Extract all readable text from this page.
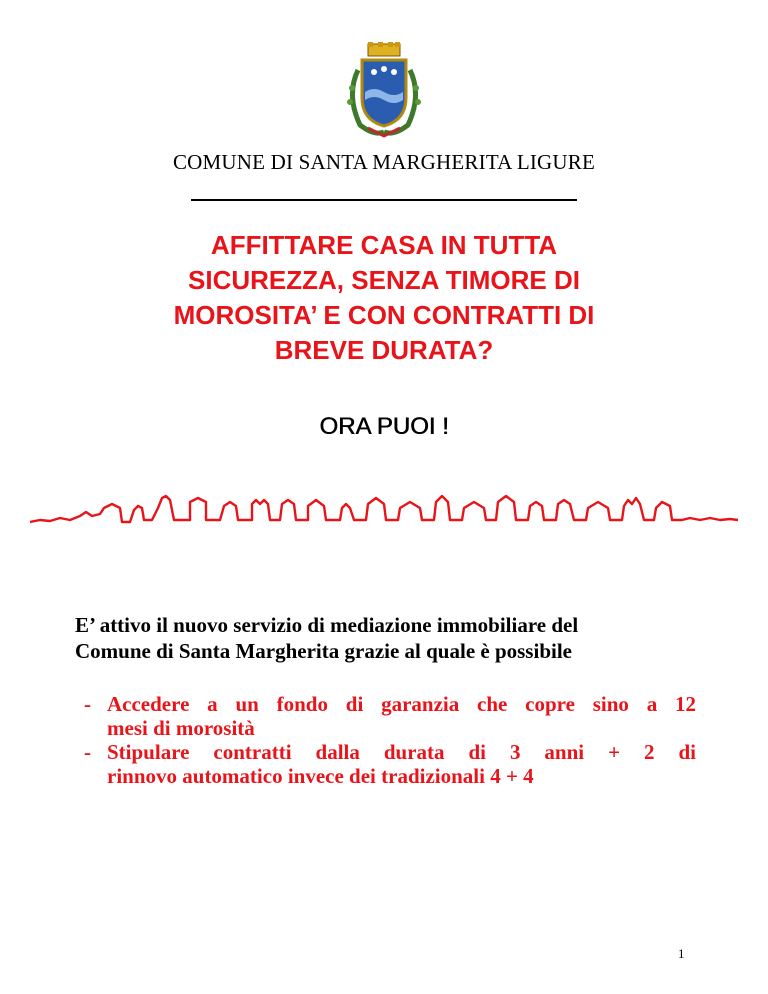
COMUNE DI SANTA MARGHERITA LIGURE
AFFITTARE CASA IN TUTTA
SICUREZZA, SENZA TIMORE DI
MOROSITA’ E CON CONTRATTI DI
BREVE DURATA?
ORA PUOI !
E’ attivo il nuovo servizio di mediazione immobiliare del
Comune di Santa Margherita grazie al quale è possibile
- Accedere a un fondo di garanzia che copre sino a 12
mesi di morosità
- Stipulare contratti dalla durata di 3 anni + 2 di
rinnovo automatico invece dei tradizionali 4 + 4
1
